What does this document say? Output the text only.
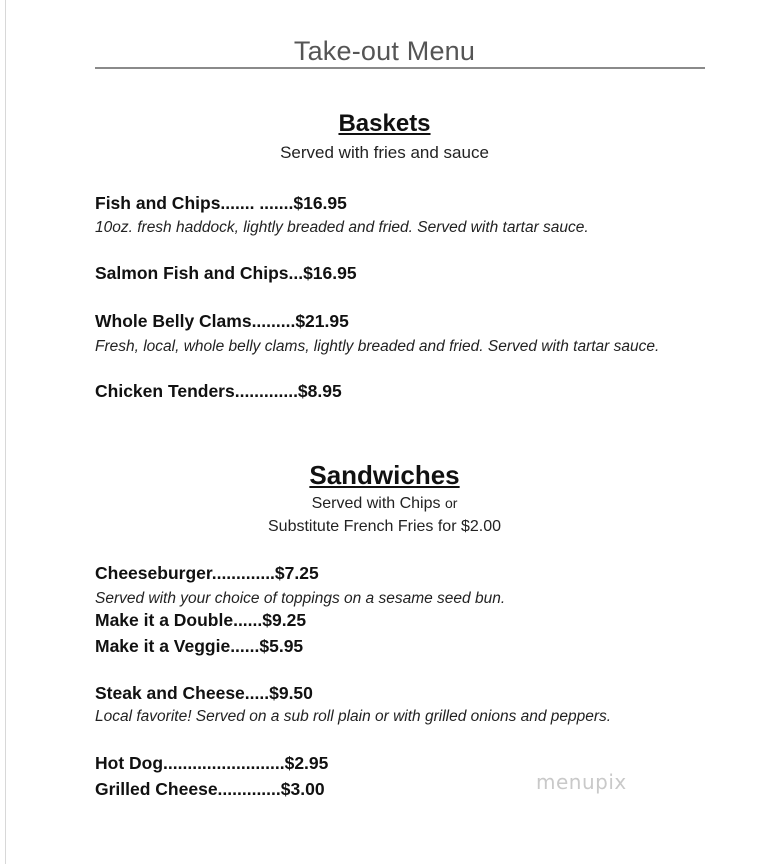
Take-out Menu
Baskets
Served with fries and sauce
Fish and Chips....... .......$16.95
10oz. fresh haddock, lightly breaded and fried. Served with tartar sauce.
Salmon Fish and Chips...$16.95
Whole Belly Clams.........$21.95
Fresh, local, whole belly clams, lightly breaded and fried. Served with tartar sauce.
Chicken Tenders.............$8.95
Sandwiches
Served with Chips or
Substitute French Fries for $2.00
Cheeseburger.............$7.25
Served with your choice of toppings on a sesame seed bun.
Make it a Double......$9.25
Make it a Veggie......$5.95
Steak and Cheese.....$9.50
Local favorite! Served on a sub roll plain or with grilled onions and peppers.
Hot Dog.........................$2.95
Grilled Cheese.............$3.00	menupix
